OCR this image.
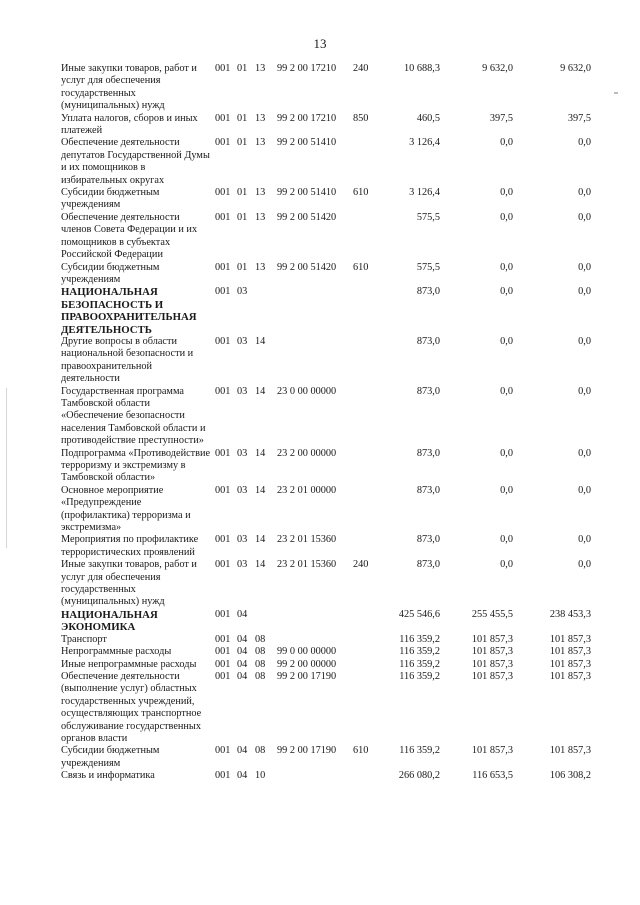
13
Иные закупки товаров, работ и услуг для обеспечения государственных (муниципальных) нужд
001 01 13	99 2 00 17210	240	10 688,3	9 632,0	9 632,0
Уплата налогов, сборов и иных платежей
001 01 13	99 2 00 17210	850	460,5	397,5	397,5
Обеспечение деятельности депутатов Государственной Думы и их помощников в избирательных округах
001 01 13	99 2 00 51410	3 126,4	0,0	0,0
Субсидии бюджетным учреждениям
001 01 13	99 2 00 51410	610	3 126,4	0,0	0,0
Обеспечение деятельности членов Совета Федерации и их помощников в субъектах Российской Федерации
001 01 13	99 2 00 51420	575,5	0,0	0,0
Субсидии бюджетным учреждениям
001 01 13	99 2 00 51420	610	575,5	0,0	0,0
НАЦИОНАЛЬНАЯ БЕЗОПАСНОСТЬ И ПРАВООХРАНИТЕЛЬНАЯ ДЕЯТЕЛЬНОСТЬ
001 03	873,0	0,0	0,0
Другие вопросы в области национальной безопасности и правоохранительной деятельности
001 03 14	873,0	0,0	0,0
Государственная программа Тамбовской области «Обеспечение безопасности населения Тамбовской области и противодействие преступности»
001 03 14	23 0 00 00000	873,0	0,0	0,0
Подпрограмма «Противодействие терроризму и экстремизму в Тамбовской области»
001 03 14	23 2 00 00000	873,0	0,0	0,0
Основное мероприятие «Предупреждение (профилактика) терроризма и экстремизма»
001 03 14	23 2 01 00000	873,0	0,0	0,0
Мероприятия по профилактике террористических проявлений
001 03 14	23 2 01 15360	873,0	0,0	0,0
Иные закупки товаров, работ и услуг для обеспечения государственных (муниципальных) нужд
001 03 14	23 2 01 15360	240	873,0	0,0	0,0
НАЦИОНАЛЬНАЯ ЭКОНОМИКА
001 04	425 546,6	255 455,5	238 453,3
Транспорт	001 04 08	116 359,2	101 857,3	101 857,3
Непрограммные расходы	001 04 08	99 0 00 00000	116 359,2	101 857,3	101 857,3
Иные непрограммные расходы	001 04 08	99 2 00 00000	116 359,2	101 857,3	101 857,3
Обеспечение деятельности (выполнение услуг) областных государственных учреждений, осуществляющих транспортное обслуживание государственных органов власти
001 04 08	99 2 00 17190	116 359,2	101 857,3	101 857,3
Субсидии бюджетным учреждениям
001 04 08	99 2 00 17190	610	116 359,2	101 857,3	101 857,3
Связь и информатика	001 04 10	266 080,2	116 653,5	106 308,2
